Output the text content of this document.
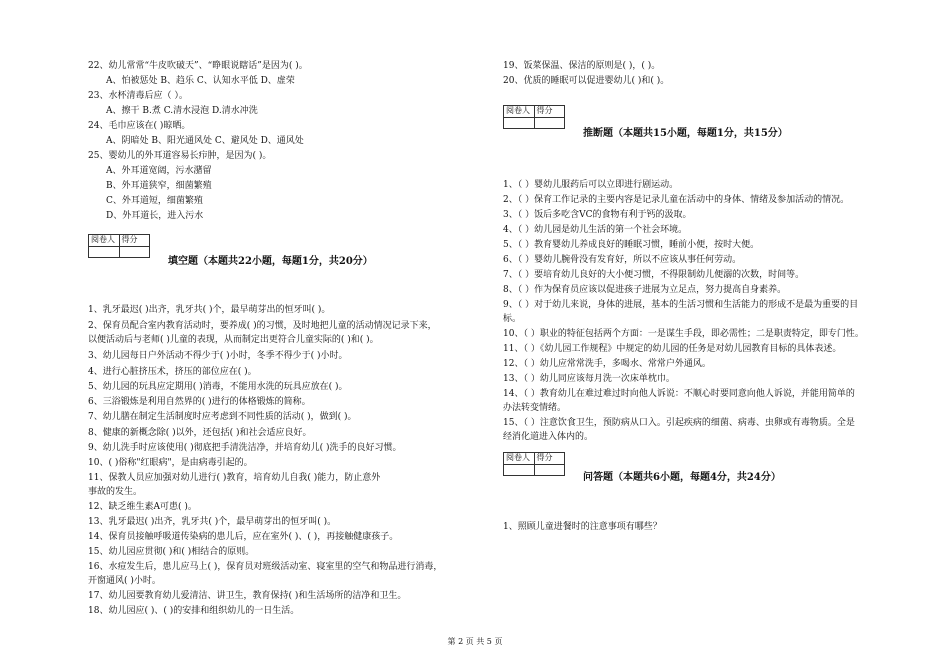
22、幼儿常常“牛皮吹破天”、“睁眼说瞎话”是因为( )。
A、怕被惩处 B、趋乐 C、认知水平低 D、虚荣
23、水杯清毒后应（ ）。
A、擦干 B.煮 C.清水浸泡 D.清水冲洗
24、毛巾应该在( )晾晒。
A、阴暗处 B、阳光通风处 C、避风处 D、通风处
25、婴幼儿的外耳道容易长疖肿，是因为( )。
A、外耳道宽阔，污水潴留
B、外耳道狭窄，细菌繁殖
C、外耳道短，细菌繁殖
D、外耳道长，进入污水
阅卷人 得分
填空题（本题共22小题，每题1分，共20分）
1、乳牙最迟( )出齐，乳牙共( )个，最早萌芽出的恒牙叫( )。
2、保育员配合室内教育活动时，要养成( )的习惯，及时地把儿童的活动情况记录下来，
以便活动后与老师( )儿童的表现，从而制定出更符合儿童实际的( )和( )。
3、幼儿园每日户外活动不得少于( )小时，冬季不得少于( )小时。
4、进行心脏挤压术，挤压的部位应在( )。
5、幼儿园的玩具应定期用( )消毒，不能用水洗的玩具应放在( )。
6、三浴锻炼是利用自然界的( )进行的体格锻炼的简称。
7、幼儿膳在制定生活制度时应考虑到不同性质的活动( )，做到( )。
8、健康的新概念除( )以外，还包括( )和社会适应良好。
9、幼儿洗手时应该使用( )彻底把手清洗洁净，并培育幼儿( )洗手的良好习惯。
10、( )俗称"红眼病"，是由病毒引起的。
11、保教人员应加强对幼儿进行( )教育，培育幼儿自我( )能力，防止意外
事故的发生。
12、缺乏维生素A可患( )。
13、乳牙最迟( )出齐，乳牙共( )个，最早萌芽出的恒牙叫( )。
14、保育员接触呼吸道传染病的患儿后，应在室外( )、( )，再接触健康孩子。
15、幼儿园应贯彻( )和( )相结合的原则。
16、水痘发生后，患儿应马上( )，保育员对班级活动室、寝室里的空气和物品进行消毒，
开窗通风( )小时。
17、幼儿园要教育幼儿爱清洁、讲卫生，教育保持( )和生活场所的洁净和卫生。
18、幼儿园应( )、( )的安排和组织幼儿的一日生活。
19、饭菜保温、保洁的原则是( )，( )。
20、优质的睡眠可以促进婴幼儿( )和( )。
阅卷人 得分
推断题（本题共15小题，每题1分，共15分）
1、（ ）婴幼儿服药后可以立即进行剧运动。
2、（ ）保育工作记录的主要内容是记录儿童在活动中的身体、情绪及参加活动的情况。
3、（ ）饭后多吃含VC的食物有利于钙的汲取。
4、（ ）幼儿园是幼儿生活的第一个社会环境。
5、（ ）教育婴幼儿养成良好的睡眠习惯，睡前小便，按时大便。
6、（ ）婴幼儿腕骨没有发育好，所以不应该从事任何劳动。
7、（ ）要培育幼儿良好的大小便习惯，不得限制幼儿便溺的次数，时间等。
8、（ ）作为保育员应该以促进孩子进展为立足点，努力提高自身素养。
9、（ ）对于幼儿来说，身体的进展，基本的生活习惯和生活能力的形成不是最为重要的目
标。
10、（ ）职业的特征包括两个方面：一是谋生手段，即必需性；二是职责特定，即专门性。
11、（ ）《幼儿园工作规程》中规定的幼儿园的任务是对幼儿园教育目标的具体表述。
12、（ ）幼儿应常常洗手，多喝水、常常户外通风。
13、（ ）幼儿同应该每月洗一次床单枕巾。
14、（ ）教育幼儿在难过难过时向他人诉说：不顺心时要同意向他人诉说，并能用简单的
办法转变情绪。
15、（ ）注意饮食卫生，预防病从口入。引起疾病的细菌、病毒、虫卵或有毒物质。全是
经消化道进入体内的。
阅卷人 得分
问答题（本题共6小题，每题4分，共24分）
1、照顾儿童进餐时的注意事项有哪些？
第 2 页 共 5 页
